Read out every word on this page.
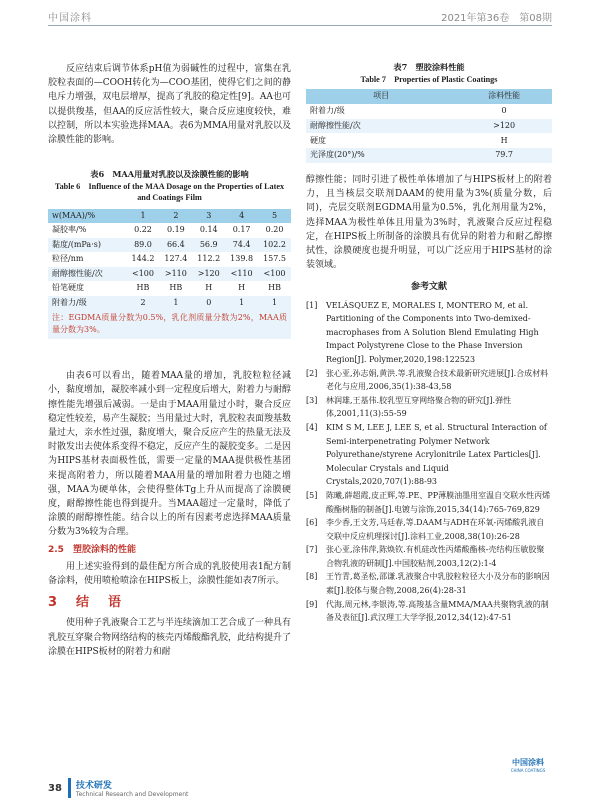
中国涂料	2021年第36卷　第08期

反应结束后调节体系pH值为弱碱性的过程中，富集在乳胶粒表面的—COOH转化为—COO基团，使得它们之间的静电斥力增强，双电层增厚，提高了乳胶的稳定性[9]。AA也可以提供羧基，但AA的反应活性较大，聚合反应速度较快，难以控制，所以本实验选择MAA。表6为MMA用量对乳胶以及涂膜性能的影响。

表6　MAA用量对乳胶以及涂膜性能的影响
Table 6　Influence of the MAA Dosage on the Properties of Latex and Coatings Film
w(MAA)/%	1	2	3	4	5
凝胶率/%	0.22	0.19	0.14	0.17	0.20
黏度/(mPa·s)	89.0	66.4	56.9	74.4	102.2
粒径/nm	144.2	127.4	112.2	139.8	157.5
耐醇擦性能/次	<100	>110	>120	<110	<100
铅笔硬度	HB	HB	H	H	HB
附着力/级	2	1	0	1	1
注：EGDMA质量分数为0.5%，乳化剂质量分数为2%，MAA质量分数为3%。

由表6可以看出，随着MAA量的增加，乳胶粒粒径减小，黏度增加，凝胶率减小到一定程度后增大，附着力与耐醇擦性能先增强后减弱。一是由于MAA用量过小时，聚合反应稳定性较差，易产生凝胶；当用量过大时，乳胶粒表面羧基数量过大，亲水性过强，黏度增大，聚合反应产生的热量无法及时散发出去使体系变得不稳定，反应产生的凝胶变多。二是因为HIPS基材表面极性低，需要一定量的MAA提供极性基团来提高附着力，所以随着MAA用量的增加附着力也随之增强，MAA为硬单体，会使得整体Tg上升从而提高了涂膜硬度，耐醇擦性能也得到提升。当MAA超过一定量时，降低了涂膜的耐醇擦性能。结合以上的所有因素考虑选择MAA质量分数为3%较为合理。

2.5　塑胶涂料的性能

用上述实验得到的最佳配方所合成的乳胶使用表1配方制备涂料，使用喷枪喷涂在HIPS板上，涂膜性能如表7所示。

3　结　语

使用种子乳液聚合工艺与半连续滴加工艺合成了一种具有乳胶互穿聚合物网络结构的核壳丙烯酸酯乳胶，此结构提升了涂膜在HIPS板材的附着力和耐

表7　塑胶涂料性能
Table 7　Properties of Plastic Coatings
项目	涂料性能
附着力/级	0
耐醇擦性能/次	>120
硬度	H
光泽度(20°)/%	79.7

醇擦性能；同时引进了极性单体增加了与HIPS板材上的附着力，且当核层交联剂DAAM的使用量为3%(质量分数，后同)，壳层交联剂EGDMA用量为0.5%，乳化剂用量为2%，选择MAA为极性单体且用量为3%时，乳液聚合反应过程稳定，在HIPS板上所制备的涂膜具有优异的附着力和耐乙醇擦拭性，涂膜硬度也提升明显，可以广泛应用于HIPS基材的涂装领域。

参考文献
[1]	VELÁSQUEZ E, MORALES I, MONTERO M, et al. Partitioning of the Components into Two-demixed-macrophases from A Solution Blend Emulating High Impact Polystyrene Close to the Phase Inversion Region[J]. Polymer,2020,198:122523
[2]	张心亚,孙志娟,黄洪.等.乳液聚合技术最新研究进展[J].合成材料老化与应用,2006,35(1):38-43,58
[3]	林润雄,王基伟.胶乳型互穿网络聚合物的研究[J].弹性体,2001,11(3):55-59
[4]	KIM S M, LEE J, LEE S, et al. Structural Interaction of Semi-interpenetrating Polymer Network Polyurethane/styrene Acrylonitrile Latex Particles[J]. Molecular Crystals and Liquid Crystals,2020,707(1):88-93
[5]	陈曦,薛超霞,皮正辉,等.PE、PP薄膜油墨用室温自交联水性丙烯酸酯树脂的制备[J].电镀与涂饰,2015,34(14):765-769,829
[6]	李少香,王文芳,马廷春,等.DAAM与ADH在环氧-丙烯酸乳液自交联中反应机理探讨[J].涂料工业,2008,38(10):26-28
[7]	张心亚,涂伟萍,陈焕钦.有机硅改性丙烯酸酯核-壳结构压敏胶聚合物乳液的研制[J].中国胶粘剂,2003,12(2):1-4
[8]	王竹青,葛圣松,邵谦.乳液聚合中乳胶粒粒径大小及分布的影响因素[J].胶体与聚合物,2008,26(4):28-31
[9]	代海,周元林,李银涛,等.高羧基含量MMA/MAA共聚物乳液的制备及表征[J].武汉理工大学学报,2012,34(12):47-51
38 技术研发
Technical Research and Development
中国涂料
CHINA COATINGS
